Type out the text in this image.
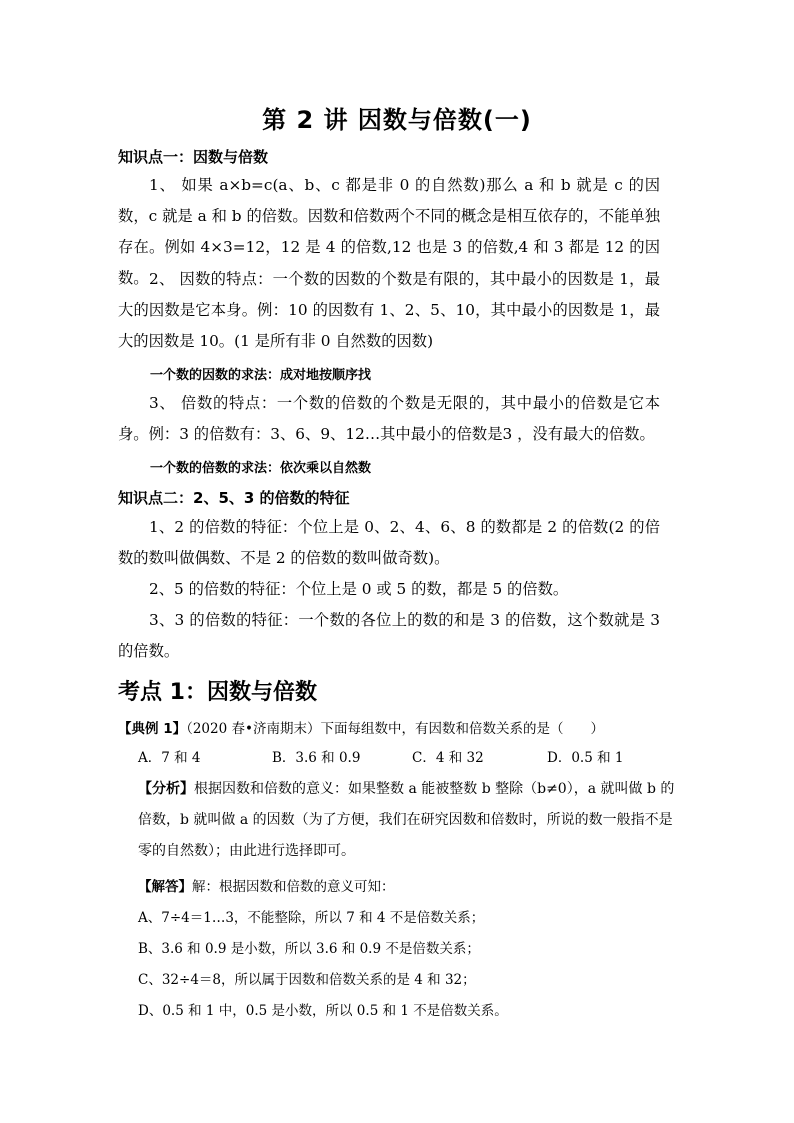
第 2 讲 因数与倍数(一)
知识点一：因数与倍数

1、 如果 a×b=c(a、b、c 都是非 0 的自然数)那么 a 和 b 就是 c 的因数，c 就是 a 和 b 的倍数。因数和倍数两个不同的概念是相互依存的，不能单独存在。例如 4×3=12，12 是 4 的倍数,12 也是 3 的倍数,4 和 3 都是 12 的因数。 2、 因数的特点：一个数的因数的个数是有限的，其中最小的因数是 1，最大的因数是它本身。例：10 的因数有 1、2、5、10，其中最小的因数是 1，最大的因数是 10。(1 是所有非 0 自然数的因数)

一个数的因数的求法：成对地按顺序找

3、 倍数的特点：一个数的倍数的个数是无限的，其中最小的倍数是它本身。例：3 的倍数有：3、6、9、12…其中最小的倍数是3 ，没有最大的倍数。

一个数的倍数的求法：依次乘以自然数
知识点二：2、5、3 的倍数的特征

1、2 的倍数的特征：个位上是 0、2、4、6、8 的数都是 2 的倍数(2 的倍数的数叫做偶数、不是 2 的倍数的数叫做奇数)。

2、5 的倍数的特征：个位上是 0 或 5 的数，都是 5 的倍数。

3、3 的倍数的特征：一个数的各位上的数的和是 3 的倍数，这个数就是 3 的倍数。

考点 1：因数与倍数
【典例 1】（2020 春•济南期末）下面每组数中，有因数和倍数关系的是（　　）
A．7 和 4	B．3.6 和 0.9	C．4 和 32	D．0.5 和 1

【分析】根据因数和倍数的意义：如果整数 a 能被整数 b 整除（b≠0），a 就叫做 b 的倍数，b 就叫做 a 的因数（为了方便，我们在研究因数和倍数时，所说的数一般指不是零的自然数）；由此进行选择即可。

【解答】解：根据因数和倍数的意义可知：
A、7÷4＝1…3，不能整除，所以 7 和 4 不是倍数关系；
B、3.6 和 0.9 是小数，所以 3.6 和 0.9 不是倍数关系；
C、32÷4＝8，所以属于因数和倍数关系的是 4 和 32；
D、0.5 和 1 中，0.5 是小数，所以 0.5 和 1 不是倍数关系。
